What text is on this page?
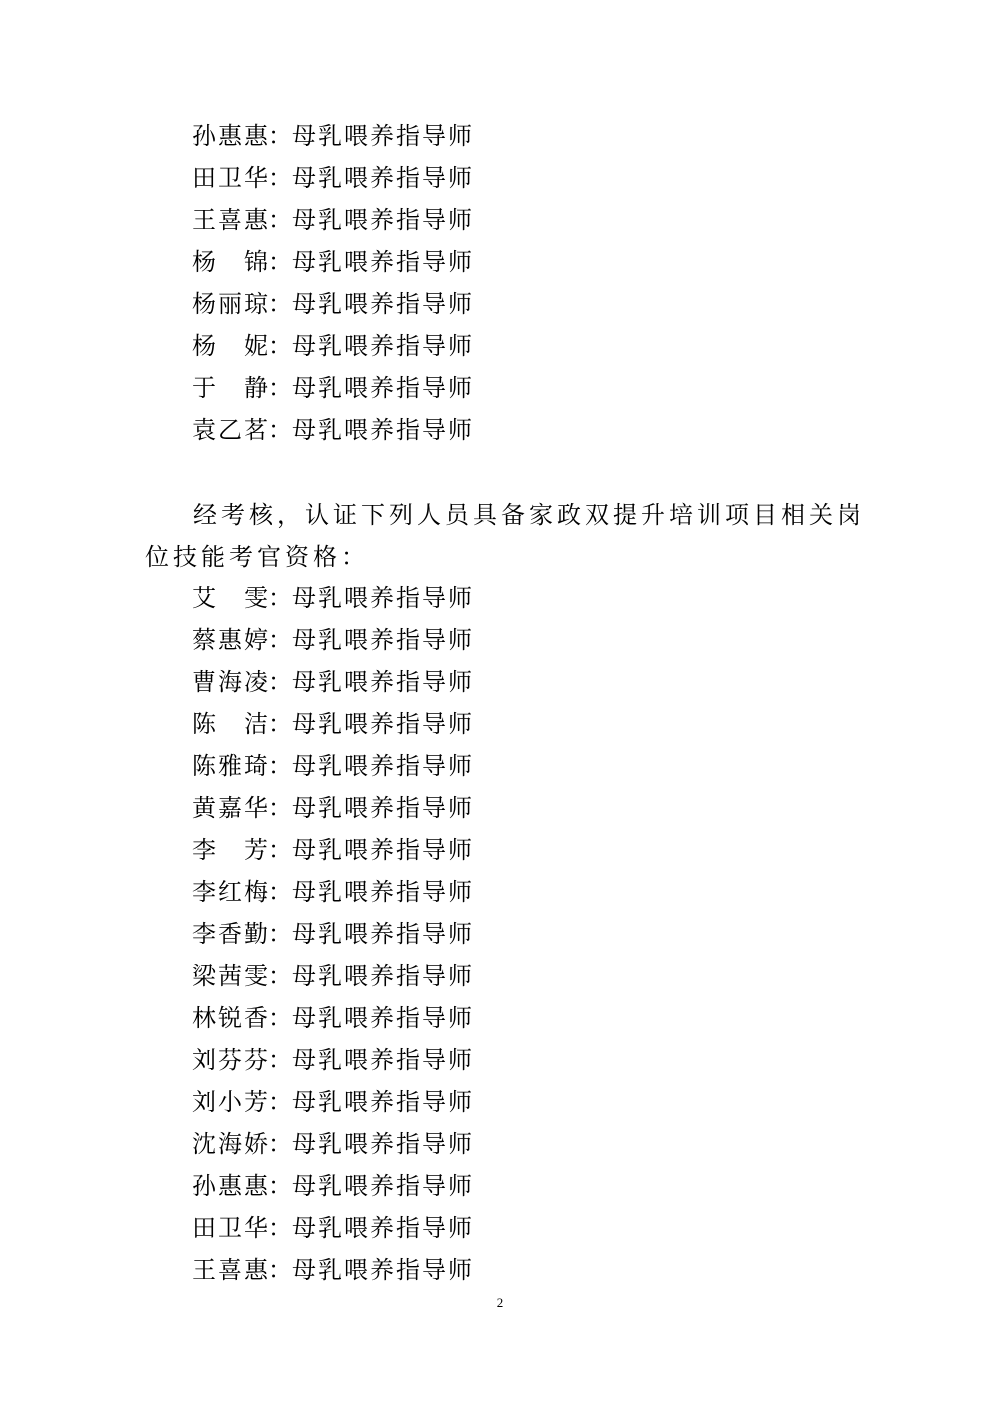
孙惠惠 ： 母乳喂养指导师
田卫华 ： 母乳喂养指导师
王喜惠 ： 母乳喂养指导师
杨锦 ： 母乳喂养指导师
杨丽琼 ： 母乳喂养指导师
杨妮 ： 母乳喂养指导师
于静 ： 母乳喂养指导师
袁乙茗 ： 母乳喂养指导师
经考核，认证下列人员具备家政双提升培训项目相关岗位技能考官资格：
艾雯 ： 母乳喂养指导师
蔡惠婷 ： 母乳喂养指导师
曹海凌 ： 母乳喂养指导师
陈洁 ： 母乳喂养指导师
陈雅琦 ： 母乳喂养指导师
黄嘉华 ： 母乳喂养指导师
李芳 ： 母乳喂养指导师
李红梅 ： 母乳喂养指导师
李香勤 ： 母乳喂养指导师
梁茜雯 ： 母乳喂养指导师
林锐香 ： 母乳喂养指导师
刘芬芬 ： 母乳喂养指导师
刘小芳 ： 母乳喂养指导师
沈海娇 ： 母乳喂养指导师
孙惠惠 ： 母乳喂养指导师
田卫华 ： 母乳喂养指导师
王喜惠 ： 母乳喂养指导师
2
